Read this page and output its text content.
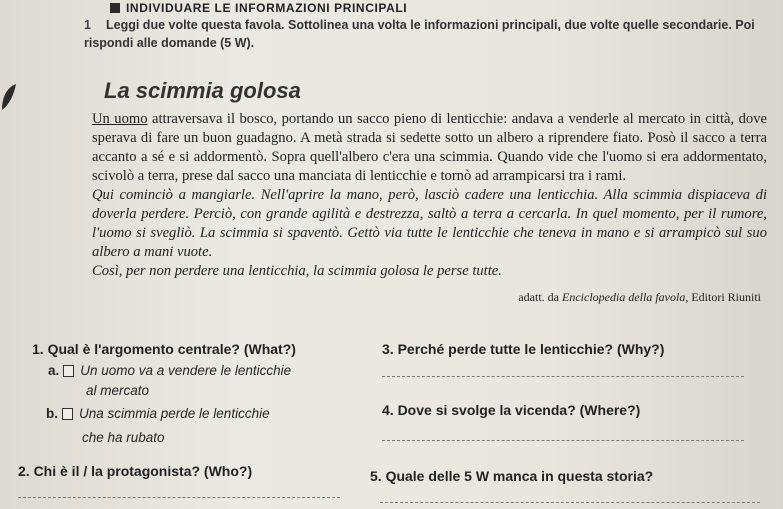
INDIVIDUARE LE INFORMAZIONI PRINCIPALI
1 Leggi due volte questa favola. Sottolinea una volta le informazioni principali, due volte quelle secondarie. Poi rispondi alle domande (5 W).
La scimmia golosa

Un uomo attraversava il bosco, portando un sacco pieno di lenticchie: andava a venderle al mercato in città, dove sperava di fare un buon guadagno. A metà strada si sedette sotto un albero a riprendere fiato. Posò il sacco a terra accanto a sé e si addormentò. Sopra quell'albero c'era una scimmia. Quando vide che l'uomo si era addormentato, scivolò a terra, prese dal sacco una manciata di lenticchie e tornò ad arrampicarsi tra i rami.

Qui cominciò a mangiarle. Nell'aprire la mano, però, lasciò cadere una lenticchia. Alla scimmia dispiaceva di doverla perdere. Perciò, con grande agilità e destrezza, saltò a terra a cercarla. In quel momento, per il rumore, l'uomo si svegliò. La scimmia si spaventò. Gettò via tutte le lenticchie che teneva in mano e si arrampicò sul suo albero a mani vuote.

Così, per non perdere una lenticchia, la scimmia golosa le perse tutte.

adatt. da Enciclopedia della favola, Editori Riuniti
1. Qual è l'argomento centrale? (What?)
a. Un uomo va a vendere le lenticchie
al mercato
b. Una scimmia perde le lenticchie
che ha rubato
2. Chi è il / la protagonista? (Who?)
3. Perché perde tutte le lenticchie? (Why?)
4. Dove si svolge la vicenda? (Where?)
5. Quale delle 5 W manca in questa storia?
